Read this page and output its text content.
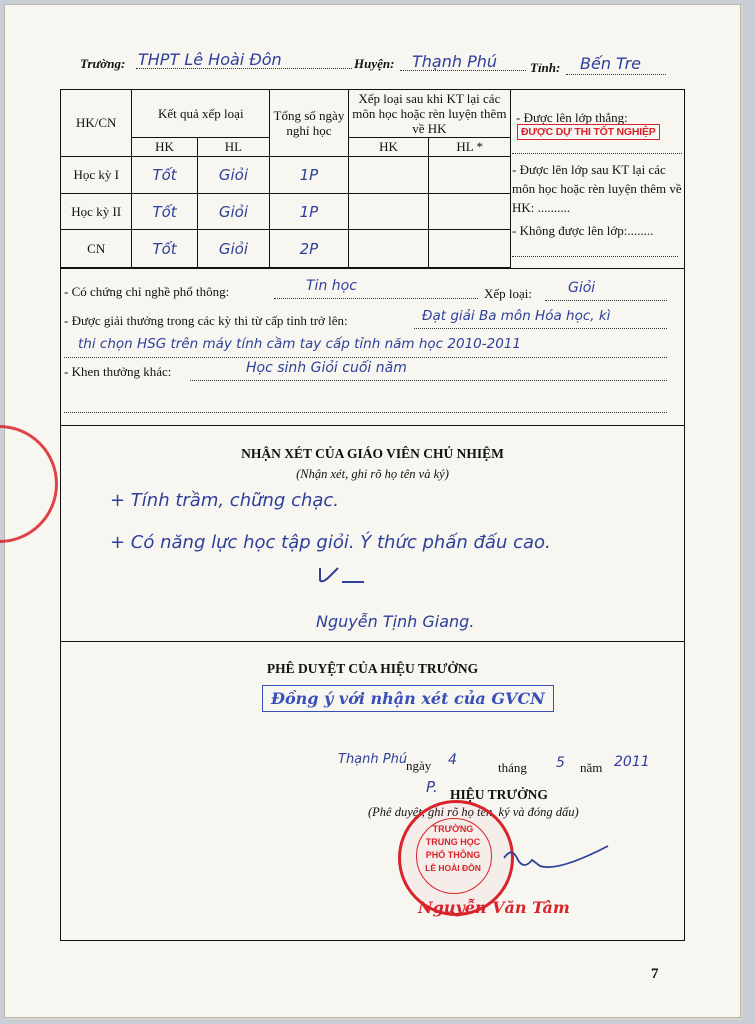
Trường: THPT Lê Hoài Đôn	Huyện: Thạnh Phú	Tỉnh: Bến Tre
HK/CN	Kết quả xếp loại		Tổng số ngày nghỉ học	Xếp loại sau khi KT lại các môn học hoặc rèn luyện thêm về HK	
	HK	HL		HK	HL *
Học kỳ I	Tốt	Giỏi	1P		
Học kỳ II	Tốt	Giỏi	1P		
CN	Tốt	Giỏi	2P		
- Được lên lớp thẳng:
ĐƯỢC DỰ THI TỐT NGHIỆP
- Được lên lớp sau KT lại các môn học hoặc rèn luyện thêm về HK: ..........
- Không được lên lớp:........
- Có chứng chỉ nghề phổ thông:	Tin học	Xếp loại:	Giỏi
- Được giải thưởng trong các kỳ thi từ cấp tỉnh trở lên:	Đạt giải Ba môn Hóa học, kì
thi chọn HSG trên máy tính cầm tay cấp tỉnh năm học 2010-2011
- Khen thưởng khác:	Học sinh Giỏi cuối năm
NHẬN XÉT CỦA GIÁO VIÊN CHỦ NHIỆM
(Nhận xét, ghi rõ họ tên và ký)
+ Tính trầm, chững chạc.
+ Có năng lực học tập giỏi. Ý thức phấn đấu cao.
Nguyễn Tịnh Giang.
PHÊ DUYỆT CỦA HIỆU TRƯỞNG
Đồng ý với nhận xét của GVCN
Thạnh Phú
ngày 4	tháng 5 năm 2011
P. HIỆU TRƯỞNG
(Phê duyệt, ghi rõ họ tên, ký và đóng dấu)
TRƯỜNG
TRUNG HỌC
PHỔ THÔNG
LÊ HOÀI ĐÔN
Nguyễn Văn Tâm
7
